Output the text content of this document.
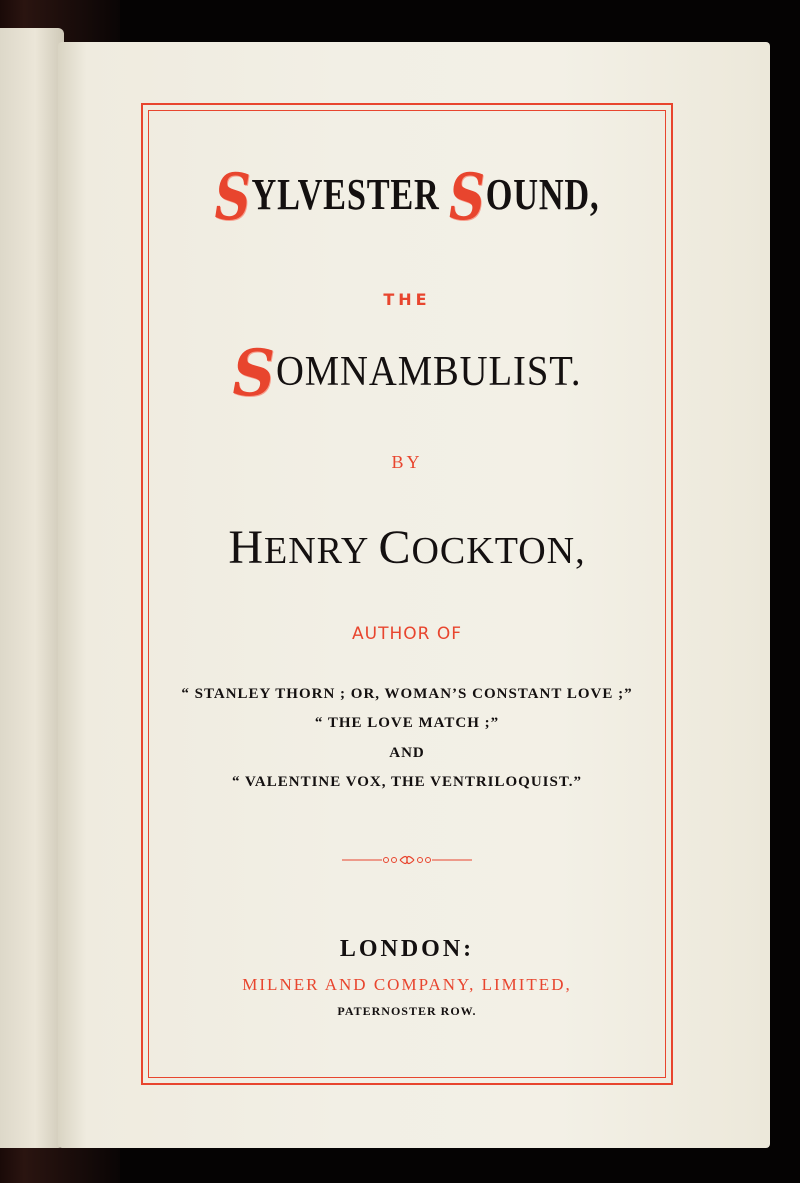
SYLVESTER SOUND,
THE
SOMNAMBULIST.
BY
HENRY COCKTON,
AUTHOR OF
“ STANLEY THORN ; OR, WOMAN’S CONSTANT LOVE ;”
“ THE LOVE MATCH ;”
AND
“ VALENTINE VOX, THE VENTRILOQUIST.”
LONDON:
MILNER AND COMPANY, LIMITED,
PATERNOSTER ROW.
